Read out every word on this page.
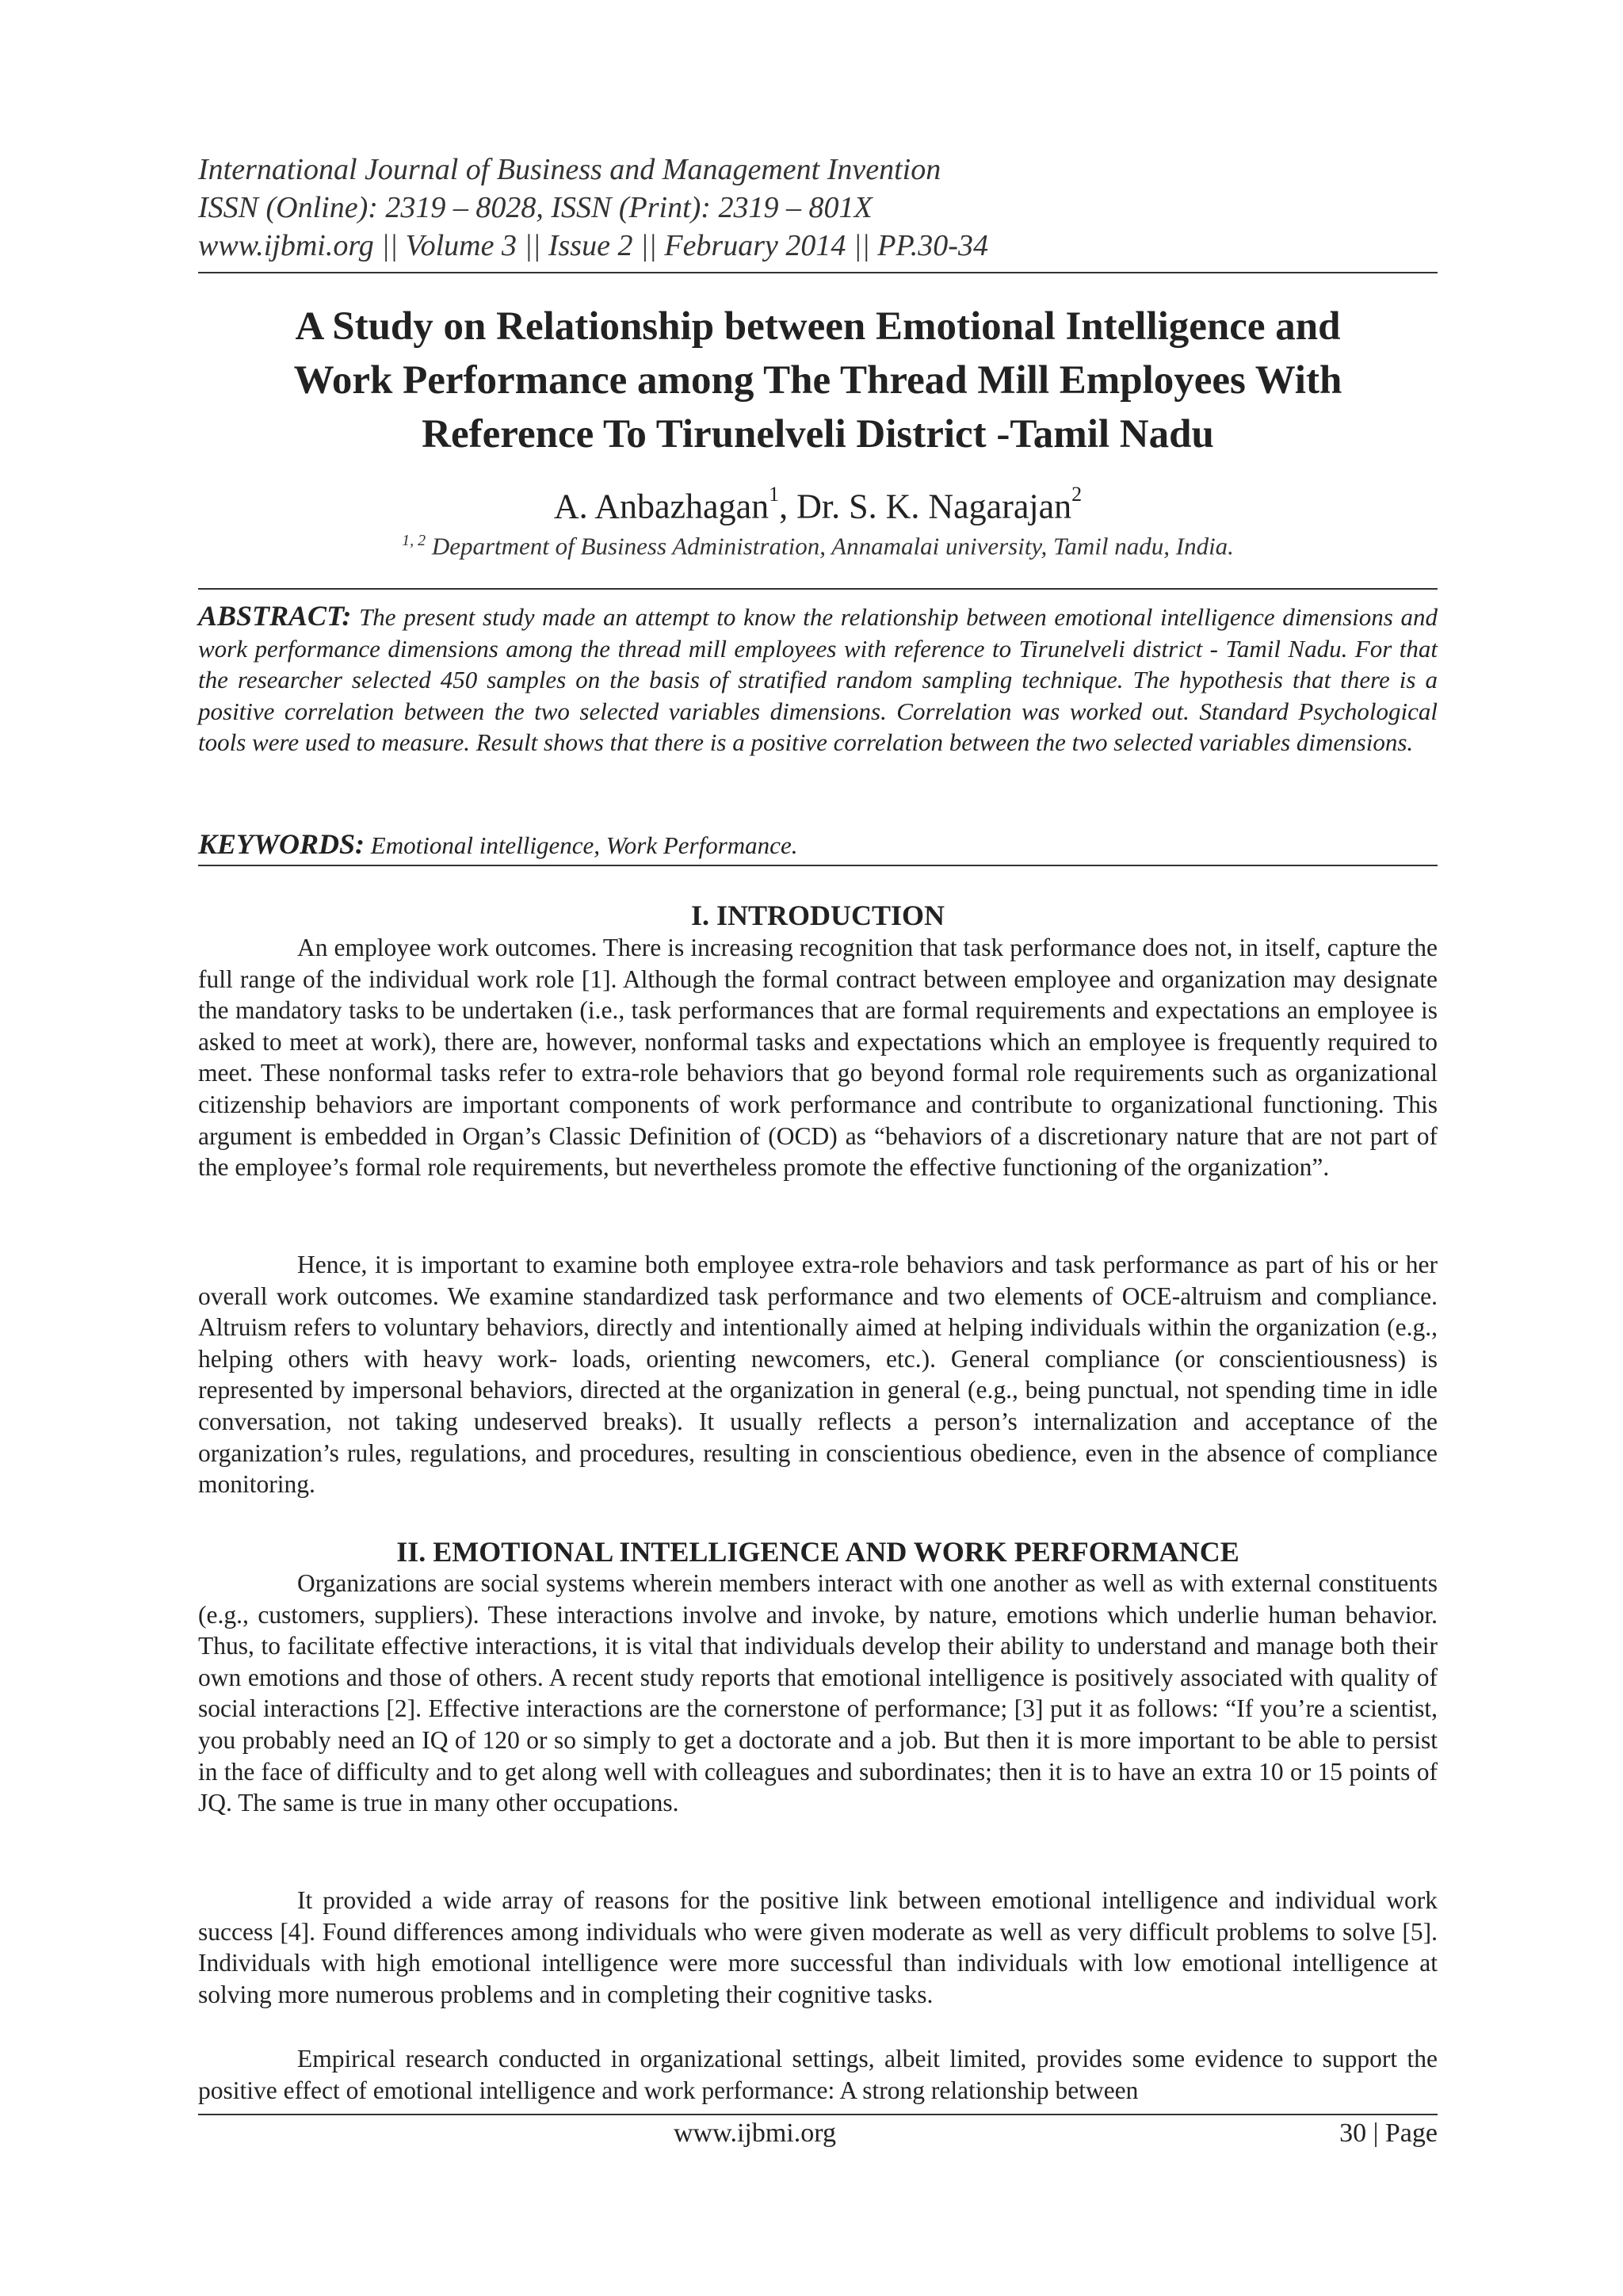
International Journal of Business and Management Invention
ISSN (Online): 2319 – 8028, ISSN (Print): 2319 – 801X
www.ijbmi.org || Volume 3 || Issue 2 || February 2014 || PP.30-34
A Study on Relationship between Emotional Intelligence and
Work Performance among The Thread Mill Employees With
Reference To Tirunelveli District -Tamil Nadu
A. Anbazhagan$^1$, Dr. S. K. Nagarajan$^2$
$^{1, 2}$ Department of Business Administration, Annamalai university, Tamil nadu, India.
ABSTRACT: The present study made an attempt to know the relationship between emotional intelligence dimensions and work performance dimensions among the thread mill employees with reference to Tirunelveli district - Tamil Nadu. For that the researcher selected 450 samples on the basis of stratified random sampling technique. The hypothesis that there is a positive correlation between the two selected variables dimensions. Correlation was worked out. Standard Psychological tools were used to measure. Result shows that there is a positive correlation between the two selected variables dimensions.
KEYWORDS: Emotional intelligence, Work Performance.
I. INTRODUCTION
An employee work outcomes. There is increasing recognition that task performance does not, in itself, capture the full range of the individual work role [1]. Although the formal contract between employee and organization may designate the mandatory tasks to be undertaken (i.e., task performances that are formal requirements and expectations an employee is asked to meet at work), there are, however, nonformal tasks and expectations which an employee is frequently required to meet. These nonformal tasks refer to extra-role behaviors that go beyond formal role requirements such as organizational citizenship behaviors are important components of work performance and contribute to organizational functioning. This argument is embedded in Organ’s Classic Definition of (OCD) as “behaviors of a discretionary nature that are not part of the employee’s formal role requirements, but nevertheless promote the effective functioning of the organization”.
Hence, it is important to examine both employee extra-role behaviors and task performance as part of his or her overall work outcomes. We examine standardized task performance and two elements of OCE-altruism and compliance. Altruism refers to voluntary behaviors, directly and intentionally aimed at helping individuals within the organization (e.g., helping others with heavy work- loads, orienting newcomers, etc.). General compliance (or conscientiousness) is represented by impersonal behaviors, directed at the organization in general (e.g., being punctual, not spending time in idle conversation, not taking undeserved breaks). It usually reflects a person’s internalization and acceptance of the organization’s rules, regulations, and procedures, resulting in conscientious obedience, even in the absence of compliance monitoring.
II. EMOTIONAL INTELLIGENCE AND WORK PERFORMANCE
Organizations are social systems wherein members interact with one another as well as with external constituents (e.g., customers, suppliers). These interactions involve and invoke, by nature, emotions which underlie human behavior. Thus, to facilitate effective interactions, it is vital that individuals develop their ability to understand and manage both their own emotions and those of others. A recent study reports that emotional intelligence is positively associated with quality of social interactions [2]. Effective interactions are the cornerstone of performance; [3] put it as follows: “If you’re a scientist, you probably need an IQ of 120 or so simply to get a doctorate and a job. But then it is more important to be able to persist in the face of difficulty and to get along well with colleagues and subordinates; then it is to have an extra 10 or 15 points of JQ. The same is true in many other occupations.
It provided a wide array of reasons for the positive link between emotional intelligence and individual work success [4]. Found differences among individuals who were given moderate as well as very difficult problems to solve [5]. Individuals with high emotional intelligence were more successful than individuals with low emotional intelligence at solving more numerous problems and in completing their cognitive tasks.
Empirical research conducted in organizational settings, albeit limited, provides some evidence to support the positive effect of emotional intelligence and work performance: A strong relationship between
www.ijbmi.org	30 | Page
